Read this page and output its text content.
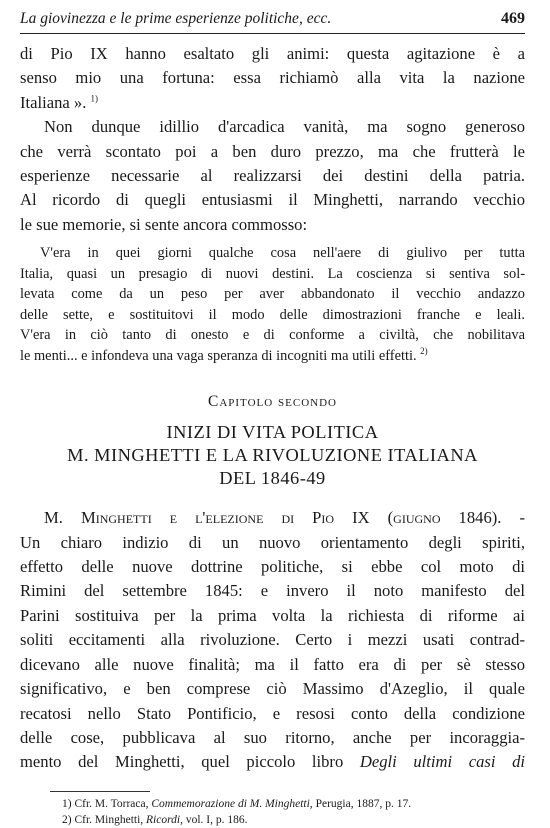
La giovinezza e le prime esperienze politiche, ecc.	469
di Pio IX hanno esaltato gli animi: questa agitazione è a
senso mio una fortuna: essa richiamò alla vita la nazione
Italiana ». $^{1)}$
Non dunque idillio d'arcadica vanità, ma sogno generoso
che verrà scontato poi a ben duro prezzo, ma che frutterà le
esperienze necessarie al realizzarsi dei destini della patria.
Al ricordo di quegli entusiasmi il Minghetti, narrando vecchio
le sue memorie, si sente ancora commosso:
V'era in quei giorni qualche cosa nell'aere di giulivo per tutta
Italia, quasi un presagio di nuovi destini. La coscienza si sentiva sol-
levata come da un peso per aver abbandonato il vecchio andazzo
delle sette, e sostituitovi il modo delle dimostrazioni franche e leali.
V'era in ciò tanto di onesto e di conforme a civiltà, che nobilitava
le menti... e infondeva una vaga speranza di incogniti ma utili effetti. $^{2)}$
Capitolo secondo
INIZI DI VITA POLITICA
M. MINGHETTI E LA RIVOLUZIONE ITALIANA
DEL 1846-49
M. Minghetti e l'elezione di Pio IX (giugno 1846). -
Un chiaro indizio di un nuovo orientamento degli spiriti,
effetto delle nuove dottrine politiche, si ebbe col moto di
Rimini del settembre 1845: e invero il noto manifesto del
Parini sostituiva per la prima volta la richiesta di riforme ai
soliti eccitamenti alla rivoluzione. Certo i mezzi usati contrad-
dicevano alle nuove finalità; ma il fatto era di per sè stesso
significativo, e ben comprese ciò Massimo d'Azeglio, il quale
recatosi nello Stato Pontificio, e resosi conto della condizione
delle cose, pubblicava al suo ritorno, anche per incoraggia-
mento del Minghetti, quel piccolo libro Degli ultimi casi di
1) Cfr. M. Torraca, Commemorazione di M. Minghetti, Perugia, 1887, p. 17.
2) Cfr. Minghetti, Ricordi, vol. I, p. 186.
